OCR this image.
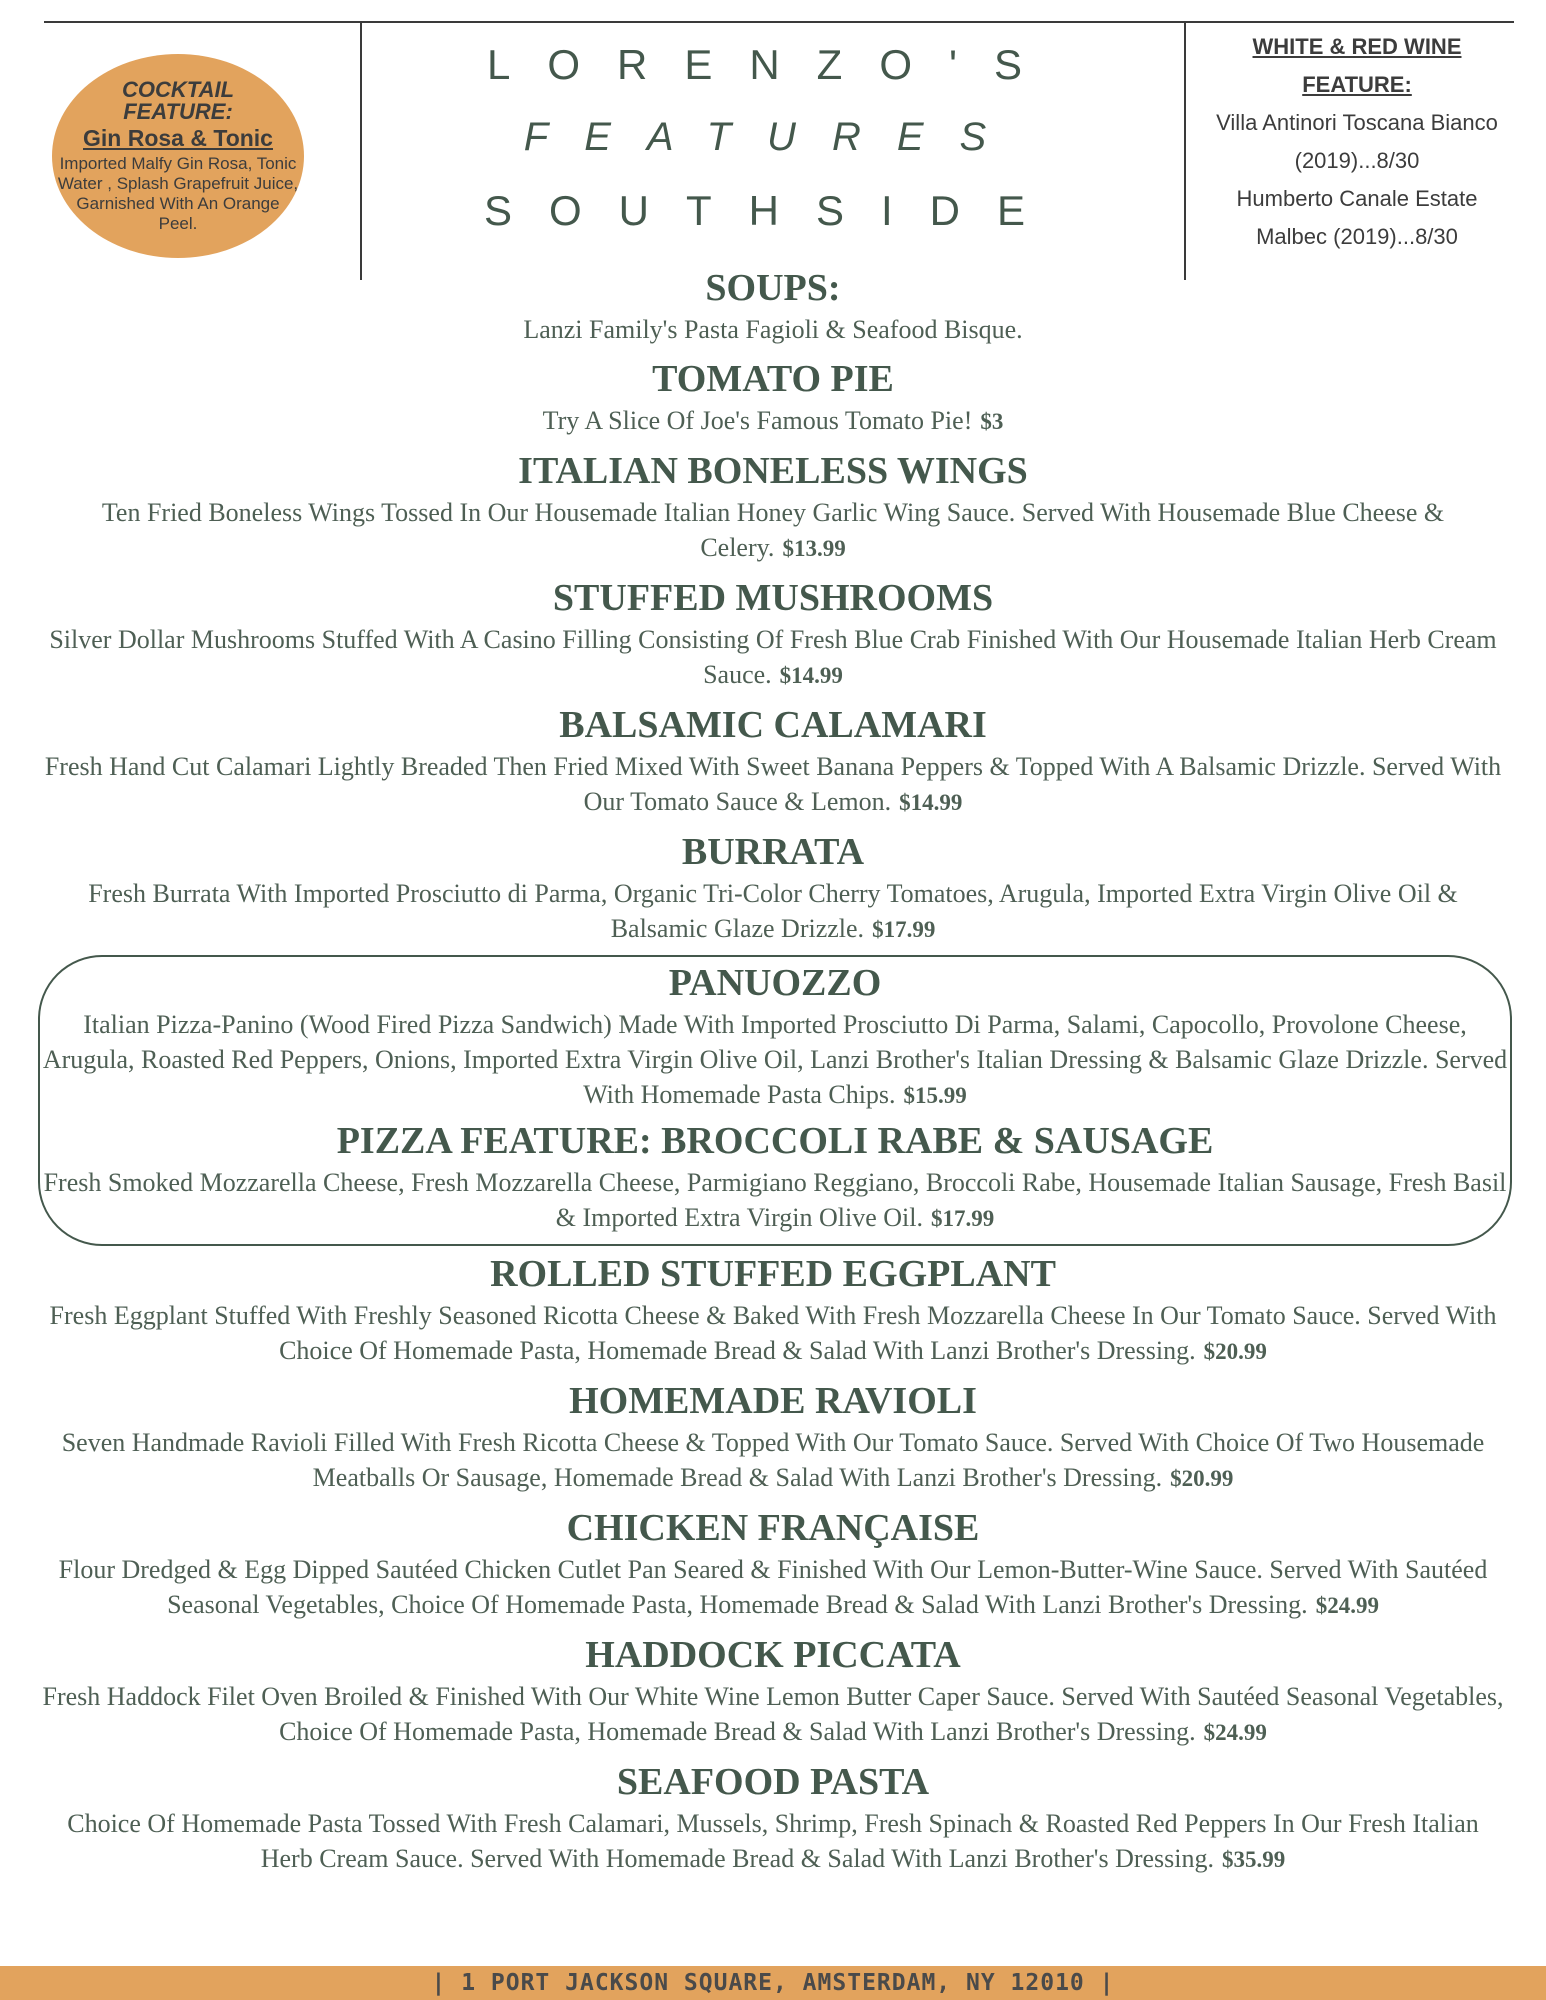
COCKTAIL FEATURE:
Gin Rosa & Tonic
Imported Malfy Gin Rosa, Tonic Water , Splash Grapefruit Juice, Garnished With An Orange Peel.
LORENZO'S
FEATURES
SOUTHSIDE
WHITE & RED WINE FEATURE:
Villa Antinori Toscana Bianco
(2019)...8/30
Humberto Canale Estate
Malbec (2019)...8/30
SOUPS:

Lanzi Family's Pasta Fagioli & Seafood Bisque.

TOMATO PIE

Try A Slice Of Joe's Famous Tomato Pie! $3

ITALIAN BONELESS WINGS

Ten Fried Boneless Wings Tossed In Our Housemade Italian Honey Garlic Wing Sauce. Served With Housemade Blue Cheese & Celery. $13.99

STUFFED MUSHROOMS

Silver Dollar Mushrooms Stuffed With A Casino Filling Consisting Of Fresh Blue Crab Finished With Our Housemade Italian Herb Cream Sauce. $14.99

BALSAMIC CALAMARI

Fresh Hand Cut Calamari Lightly Breaded Then Fried Mixed With Sweet Banana Peppers & Topped With A Balsamic Drizzle. Served With Our Tomato Sauce & Lemon. $14.99

BURRATA

Fresh Burrata With Imported Prosciutto di Parma, Organic Tri-Color Cherry Tomatoes, Arugula, Imported Extra Virgin Olive Oil & Balsamic Glaze Drizzle. $17.99

PANUOZZO

Italian Pizza-Panino (Wood Fired Pizza Sandwich) Made With Imported Prosciutto Di Parma, Salami, Capocollo, Provolone Cheese, Arugula, Roasted Red Peppers, Onions, Imported Extra Virgin Olive Oil, Lanzi Brother's Italian Dressing & Balsamic Glaze Drizzle. Served With Homemade Pasta Chips. $15.99

PIZZA FEATURE: BROCCOLI RABE & SAUSAGE

Fresh Smoked Mozzarella Cheese, Fresh Mozzarella Cheese, Parmigiano Reggiano, Broccoli Rabe, Housemade Italian Sausage, Fresh Basil & Imported Extra Virgin Olive Oil. $17.99

ROLLED STUFFED EGGPLANT

Fresh Eggplant Stuffed With Freshly Seasoned Ricotta Cheese & Baked With Fresh Mozzarella Cheese In Our Tomato Sauce. Served With Choice Of Homemade Pasta, Homemade Bread & Salad With Lanzi Brother's Dressing. $20.99

HOMEMADE RAVIOLI

Seven Handmade Ravioli Filled With Fresh Ricotta Cheese & Topped With Our Tomato Sauce. Served With Choice Of Two Housemade Meatballs Or Sausage, Homemade Bread & Salad With Lanzi Brother's Dressing. $20.99

CHICKEN FRANÇAISE

Flour Dredged & Egg Dipped Sautéed Chicken Cutlet Pan Seared & Finished With Our Lemon-Butter-Wine Sauce. Served With Sautéed Seasonal Vegetables, Choice Of Homemade Pasta, Homemade Bread & Salad With Lanzi Brother's Dressing. $24.99

HADDOCK PICCATA

Fresh Haddock Filet Oven Broiled & Finished With Our White Wine Lemon Butter Caper Sauce. Served With Sautéed Seasonal Vegetables, Choice Of Homemade Pasta, Homemade Bread & Salad With Lanzi Brother's Dressing. $24.99

SEAFOOD PASTA

Choice Of Homemade Pasta Tossed With Fresh Calamari, Mussels, Shrimp, Fresh Spinach & Roasted Red Peppers In Our Fresh Italian Herb Cream Sauce. Served With Homemade Bread & Salad With Lanzi Brother's Dressing. $35.99

| 1 PORT JACKSON SQUARE, AMSTERDAM, NY 12010 |
